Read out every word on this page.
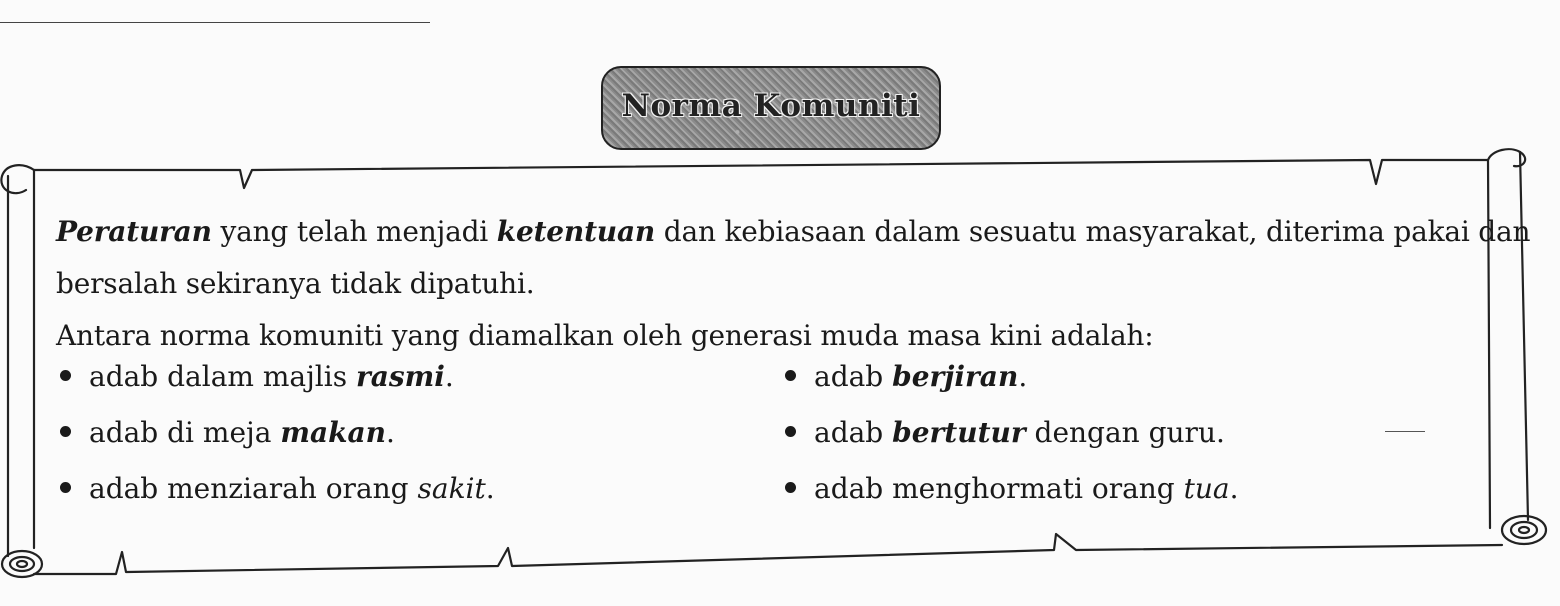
Norma Komuniti
Peraturan yang telah menjadi ketentuan dan kebiasaan dalam sesuatu masyarakat, diterima pakai dan
bersalah sekiranya tidak dipatuhi.
Antara norma komuniti yang diamalkan oleh generasi muda masa kini adalah:
adab dalam majlis rasmi.
adab di meja makan.
adab menziarah orang sakit.
adab berjiran.
adab bertutur dengan guru.
adab menghormati orang tua.
